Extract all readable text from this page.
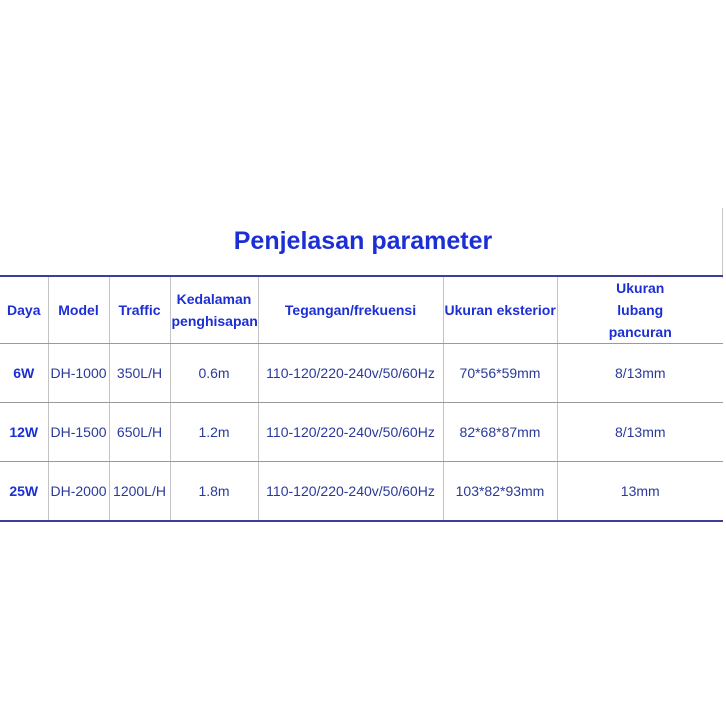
Penjelasan parameter
Daya	Model	Traffic	Kedalaman penghisapan	Tegangan/frekuensi	Ukuran eksterior	Ukuran lubang pancuran
6W	DH-1000	350L/H	0.6m	110-120/220-240v/50/60Hz	70*56*59mm	8/13mm
12W	DH-1500	650L/H	1.2m	110-120/220-240v/50/60Hz	82*68*87mm	8/13mm
25W	DH-2000	1200L/H	1.8m	110-120/220-240v/50/60Hz	103*82*93mm	13mm
